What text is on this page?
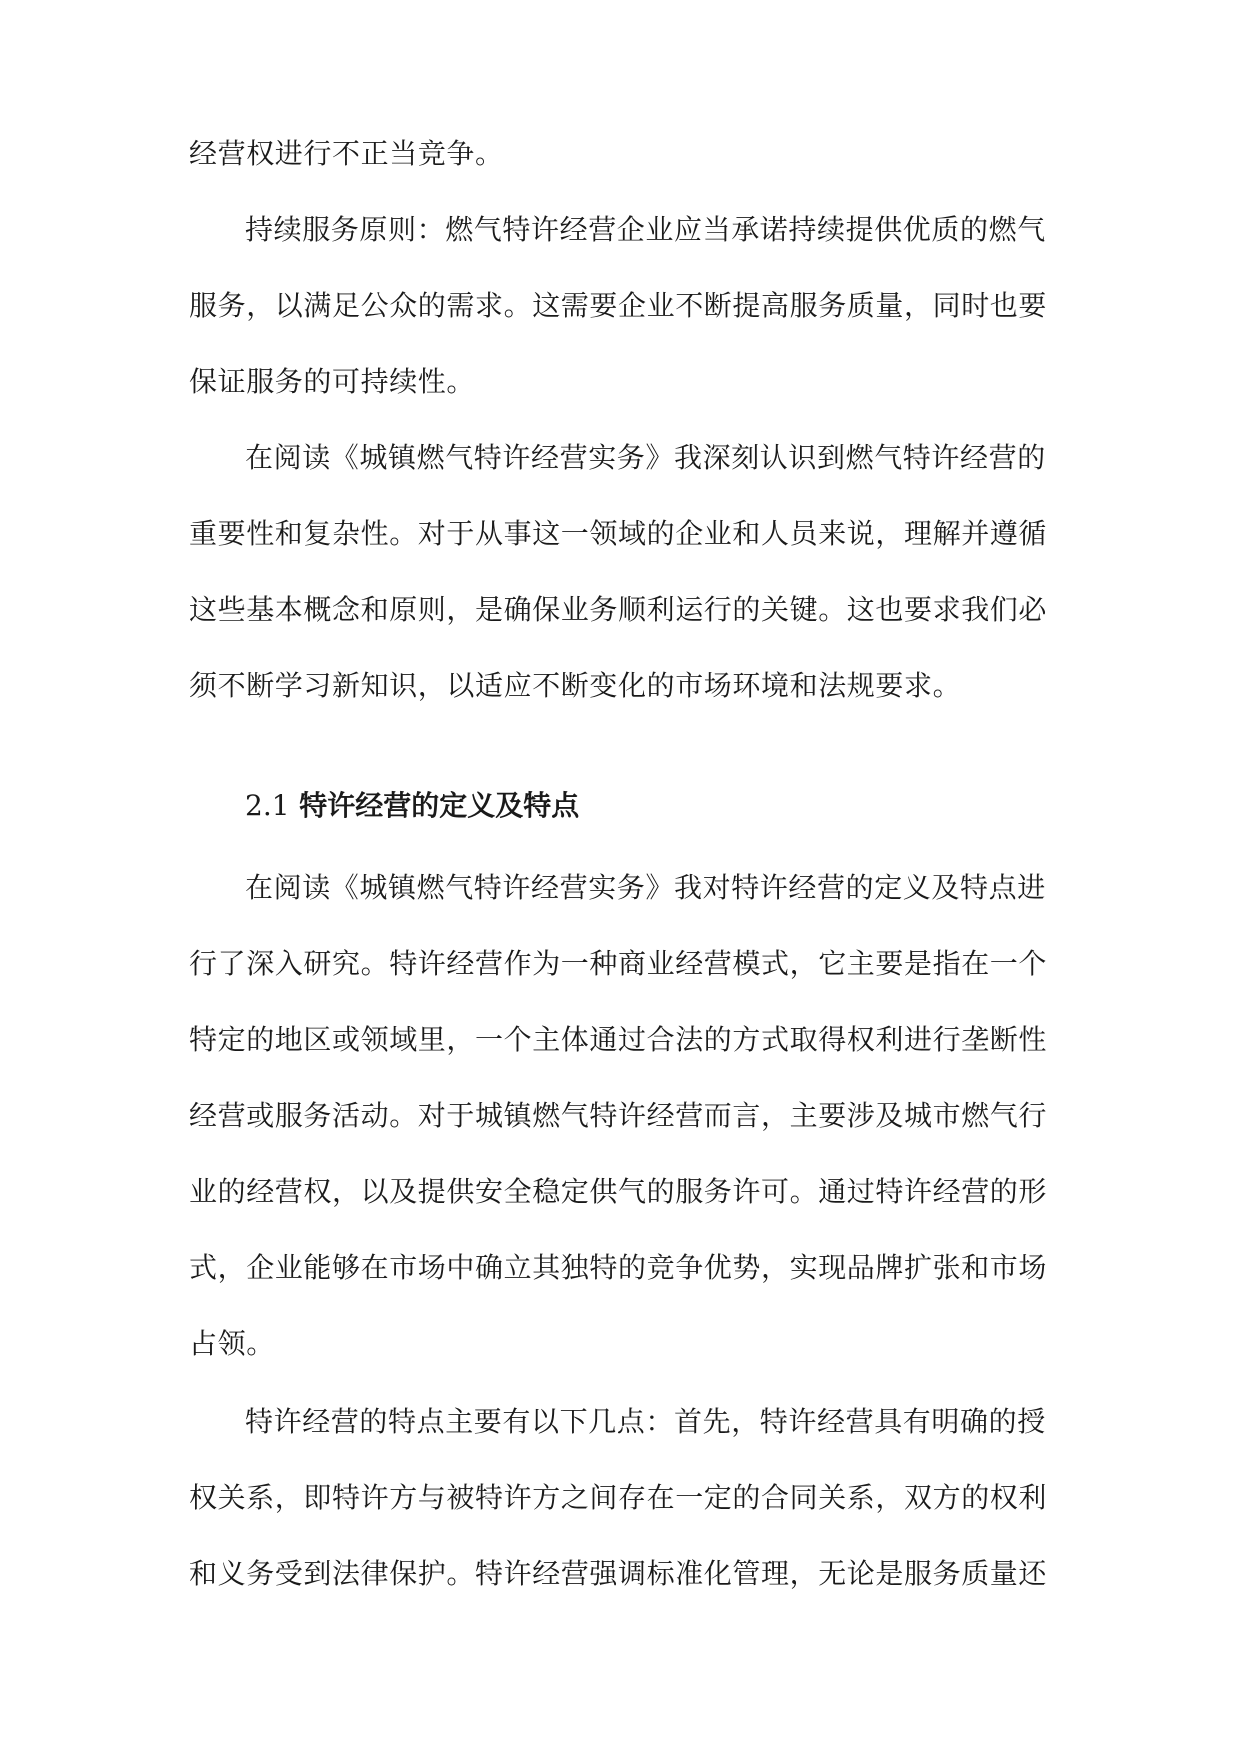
经营权进行不正当竞争。
持续服务原则：燃气特许经营企业应当承诺持续提供优质的燃气
服务，以满足公众的需求。这需要企业不断提高服务质量，同时也要
保证服务的可持续性。
在阅读《城镇燃气特许经营实务》我深刻认识到燃气特许经营的
重要性和复杂性。对于从事这一领域的企业和人员来说，理解并遵循
这些基本概念和原则，是确保业务顺利运行的关键。这也要求我们必
须不断学习新知识，以适应不断变化的市场环境和法规要求。
2.1 特许经营的定义及特点
在阅读《城镇燃气特许经营实务》我对特许经营的定义及特点进
行了深入研究。特许经营作为一种商业经营模式，它主要是指在一个
特定的地区或领域里，一个主体通过合法的方式取得权利进行垄断性
经营或服务活动。对于城镇燃气特许经营而言，主要涉及城市燃气行
业的经营权，以及提供安全稳定供气的服务许可。通过特许经营的形
式，企业能够在市场中确立其独特的竞争优势，实现品牌扩张和市场
占领。
特许经营的特点主要有以下几点：首先，特许经营具有明确的授
权关系，即特许方与被特许方之间存在一定的合同关系，双方的权利
和义务受到法律保护。特许经营强调标准化管理，无论是服务质量还
